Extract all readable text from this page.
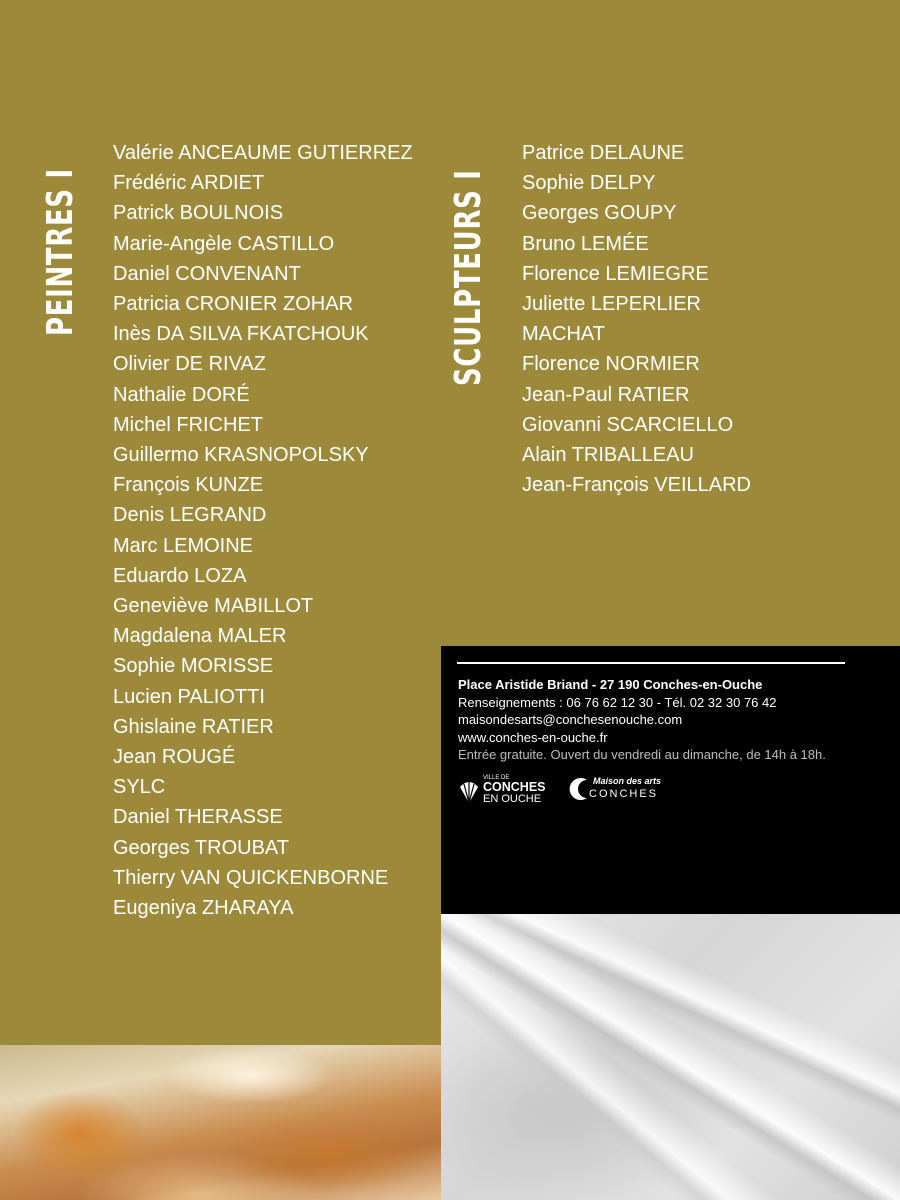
PEINTRES I
Valérie ANCEAUME GUTIERREZ
Frédéric ARDIET
Patrick BOULNOIS
Marie-Angèle CASTILLO
Daniel CONVENANT
Patricia CRONIER ZOHAR
Inès DA SILVA FKATCHOUK
Olivier DE RIVAZ
Nathalie DORÉ
Michel FRICHET
Guillermo KRASNOPOLSKY
François KUNZE
Denis LEGRAND
Marc LEMOINE
Eduardo LOZA
Geneviève MABILLOT
Magdalena MALER
Sophie MORISSE
Lucien PALIOTTI
Ghislaine RATIER
Jean ROUGÉ
SYLC
Daniel THERASSE
Georges TROUBAT
Thierry VAN QUICKENBORNE
Eugeniya ZHARAYA
SCULPTEURS I
Patrice DELAUNE
Sophie DELPY
Georges GOUPY
Bruno LEMÉE
Florence LEMIEGRE
Juliette LEPERLIER
MACHAT
Florence NORMIER
Jean-Paul RATIER
Giovanni SCARCIELLO
Alain TRIBALLEAU
Jean-François VEILLARD
Place Aristide Briand - 27 190 Conches-en-Ouche
Renseignements : 06 76 62 12 30 - Tél. 02 32 30 76 42
maisondesarts@conchesenouche.com
www.conches-en-ouche.fr
Entrée gratuite. Ouvert du vendredi au dimanche, de 14h à 18h.
VILLE DE
CONCHES
EN OUCHE
Maison des arts
CONCHES
